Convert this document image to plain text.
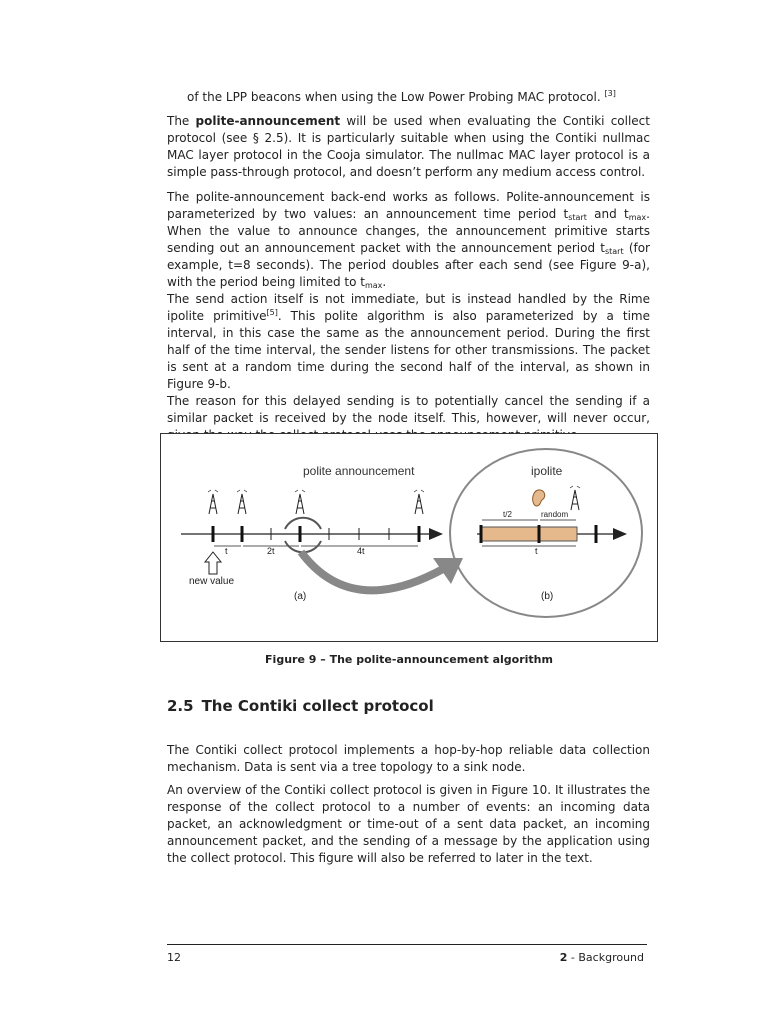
of the LPP beacons when using the Low Power Probing MAC protocol. [3]

The polite-announcement will be used when evaluating the Contiki collect protocol (see § 2.5). It is particularly suitable when using the Contiki nullmac MAC layer protocol in the Cooja simulator. The nullmac MAC layer protocol is a simple pass-through protocol, and doesn’t perform any medium access control.

The polite-announcement back-end works as follows. Polite-announcement is parameterized by two values: an announcement time period $t_{start}$ and $t_{max}$. When the value to announce changes, the announcement primitive starts sending out an announcement packet with the announcement period $t_{start}$ (for example, t=8 seconds). The period doubles after each send (see Figure 9-a), with the period being limited to $t_{max}$.

The send action itself is not immediate, but is instead handled by the Rime ipolite primitive[5]. This polite algorithm is also parameterized by a time interval, in this case the same as the announcement period. During the first half of the time interval, the sender listens for other transmissions. The packet is sent at a random time during the second half of the interval, as shown in Figure 9-b.

The reason for this delayed sending is to potentially cancel the sending if a similar packet is received by the node itself. This, however, will never occur,

polite announcement
t	2t	4t
new value
(a)
ipolite
t/2	random
t
(b)
Figure 9 – The polite-announcement algorithm
2.5 The Contiki collect protocol
The Contiki collect protocol implements a hop-by-hop reliable data collection mechanism. Data is sent via a tree topology to a sink node.
An overview of the Contiki collect protocol is given in Figure 10. It illustrates the response of the collect protocol to a number of events: an incoming data packet, an acknowledgment or time-out of a sent data packet, an incoming announcement packet, and the sending of a message by the application using the collect protocol. This figure will also be referred to later in the text.
12	2 - Background
